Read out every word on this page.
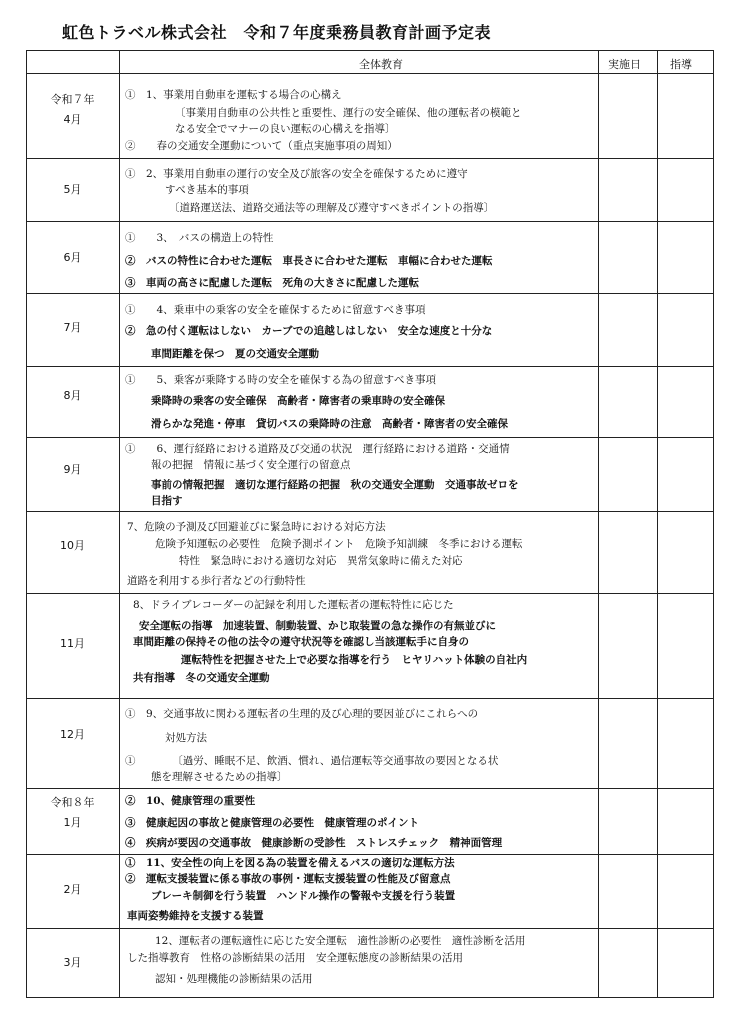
虹色トラベル株式会社　令和７年度乗務員教育計画予定表
全体教育	実施日	指導
令和７年
4月
①　1、事業用自動車を運転する場合の心構え
〔事業用自動車の公共性と重要性、運行の安全確保、他の運転者の模範と
なる安全でマナーの良い運転の心構えを指導〕
②　　春の交通安全運動について（重点実施事項の周知）
5月
①　2、事業用自動車の運行の安全及び旅客の安全を確保するために遵守
すべき基本的事項
〔道路運送法、道路交通法等の理解及び遵守すべきポイントの指導〕
6月
①　　3、　バスの構造上の特性
②　バスの特性に合わせた運転　車長さに合わせた運転　車幅に合わせた運転
③　車両の高さに配慮した運転　死角の大きさに配慮した運転
7月
①　　4、乗車中の乗客の安全を確保するために留意すべき事項
②　急の付く運転はしない　カーブでの追越しはしない　安全な速度と十分な
車間距離を保つ　夏の交通安全運動
8月
①　　5、乗客が乗降する時の安全を確保する為の留意すべき事項
乗降時の乗客の安全確保　高齢者・障害者の乗車時の安全確保
滑らかな発進・停車　貸切バスの乗降時の注意　高齢者・障害者の安全確保
9月
①　　6、運行経路における道路及び交通の状況　運行経路における道路・交通情
報の把握　情報に基づく安全運行の留意点
事前の情報把握　適切な運行経路の把握　秋の交通安全運動　交通事故ゼロを
目指す
10月
7、危険の予測及び回避並びに緊急時における対応方法
危険予知運転の必要性　危険予測ポイント　危険予知訓練　冬季における運転
特性　緊急時における適切な対応　異常気象時に備えた対応
道路を利用する歩行者などの行動特性
11月
8、ドライブレコーダーの記録を利用した運転者の運転特性に応じた
安全運転の指導　加速装置、制動装置、かじ取装置の急な操作の有無並びに
車間距離の保持その他の法令の遵守状況等を確認し当該運転手に自身の
運転特性を把握させた上で必要な指導を行う　ヒヤリハット体験の自社内
共有指導　冬の交通安全運動
12月
①　9、交通事故に関わる運転者の生理的及び心理的要因並びにこれらへの
対処方法
①　　　　〔過労、睡眠不足、飲酒、慣れ、過信運転等交通事故の要因となる状
態を理解させるための指導〕
令和８年
1月
②　10、健康管理の重要性
③　健康起因の事故と健康管理の必要性　健康管理のポイント
④　疾病が要因の交通事故　健康診断の受診性　ストレスチェック　精神面管理
2月
①　11、安全性の向上を図る為の装置を備えるバスの適切な運転方法
②　運転支援装置に係る事故の事例・運転支援装置の性能及び留意点
ブレーキ制御を行う装置　ハンドル操作の警報や支援を行う装置
車両姿勢維持を支援する装置
3月
12、運転者の運転適性に応じた安全運転　適性診断の必要性　適性診断を活用
した指導教育　性格の診断結果の活用　安全運転態度の診断結果の活用
認知・処理機能の診断結果の活用
